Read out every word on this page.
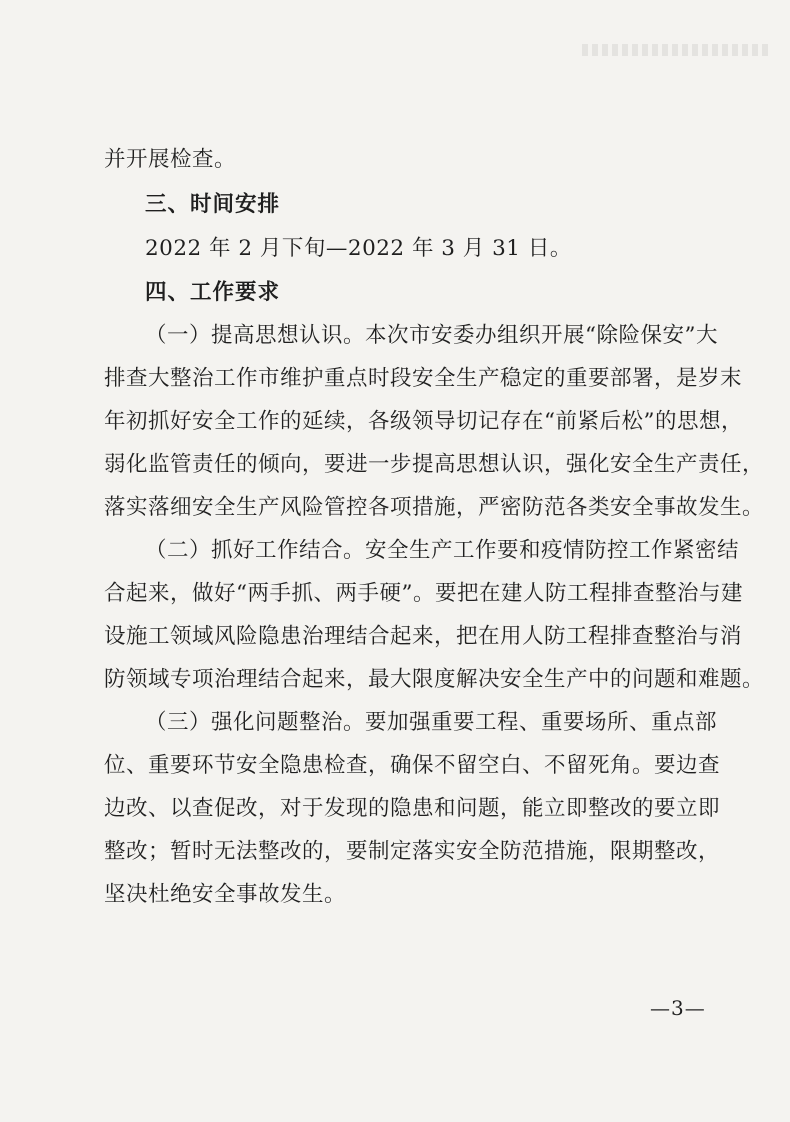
并开展检查。
三、时间安排
2022 年 2 月下旬—2022 年 3 月 31 日。
四、工作要求
（一）提高思想认识。本次市安委办组织开展“除险保安”大
排查大整治工作市维护重点时段安全生产稳定的重要部署，是岁末
年初抓好安全工作的延续，各级领导切记存在“前紧后松”的思想，
弱化监管责任的倾向，要进一步提高思想认识，强化安全生产责任，
落实落细安全生产风险管控各项措施，严密防范各类安全事故发生。
（二）抓好工作结合。安全生产工作要和疫情防控工作紧密结
合起来，做好“两手抓、两手硬”。要把在建人防工程排查整治与建
设施工领域风险隐患治理结合起来，把在用人防工程排查整治与消
防领域专项治理结合起来，最大限度解决安全生产中的问题和难题。
（三）强化问题整治。要加强重要工程、重要场所、重点部
位、重要环节安全隐患检查，确保不留空白、不留死角。要边查
边改、以查促改，对于发现的隐患和问题，能立即整改的要立即
整改；暂时无法整改的，要制定落实安全防范措施，限期整改，
坚决杜绝安全事故发生。
—3—
